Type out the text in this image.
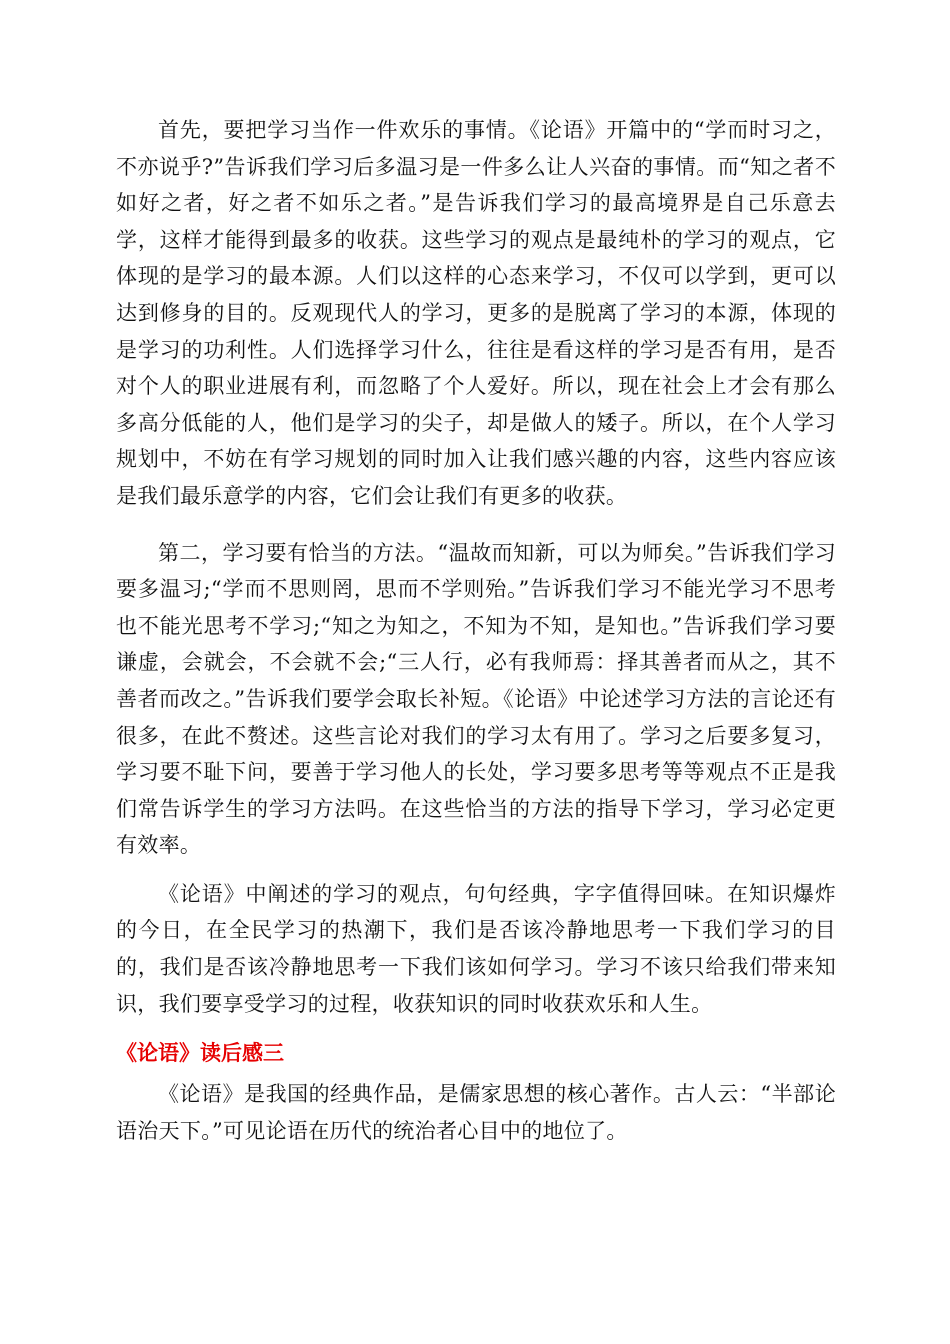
首先，要把学习当作一件欢乐的事情。《论语》开篇中的“学而时习之，不亦说乎?”告诉我们学习后多温习是一件多么让人兴奋的事情。而“知之者不如好之者，好之者不如乐之者。”是告诉我们学习的最高境界是自己乐意去学，这样才能得到最多的收获。这些学习的观点是最纯朴的学习的观点，它体现的是学习的最本源。人们以这样的心态来学习，不仅可以学到，更可以达到修身的目的。反观现代人的学习，更多的是脱离了学习的本源，体现的是学习的功利性。人们选择学习什么，往往是看这样的学习是否有用，是否对个人的职业进展有利，而忽略了个人爱好。所以，现在社会上才会有那么多高分低能的人，他们是学习的尖子，却是做人的矮子。所以，在个人学习规划中，不妨在有学习规划的同时加入让我们感兴趣的内容，这些内容应该是我们最乐意学的内容，它们会让我们有更多的收获。

第二，学习要有恰当的方法。“温故而知新，可以为师矣。”告诉我们学习要多温习;“学而不思则罔，思而不学则殆。”告诉我们学习不能光学习不思考也不能光思考不学习;“知之为知之，不知为不知，是知也。”告诉我们学习要谦虚，会就会，不会就不会;“三人行，必有我师焉：择其善者而从之，其不善者而改之。”告诉我们要学会取长补短。《论语》中论述学习方法的言论还有很多，在此不赘述。这些言论对我们的学习太有用了。学习之后要多复习，学习要不耻下问，要善于学习他人的长处，学习要多思考等等观点不正是我们常告诉学生的学习方法吗。在这些恰当的方法的指导下学习，学习必定更有效率。

《论语》中阐述的学习的观点，句句经典，字字值得回味。在知识爆炸的今日，在全民学习的热潮下，我们是否该冷静地思考一下我们学习的目的，我们是否该冷静地思考一下我们该如何学习。学习不该只给我们带来知识，我们要享受学习的过程，收获知识的同时收获欢乐和人生。

《论语》读后感三

《论语》是我国的经典作品，是儒家思想的核心著作。古人云：“半部论语治天下。”可见论语在历代的统治者心目中的地位了。
